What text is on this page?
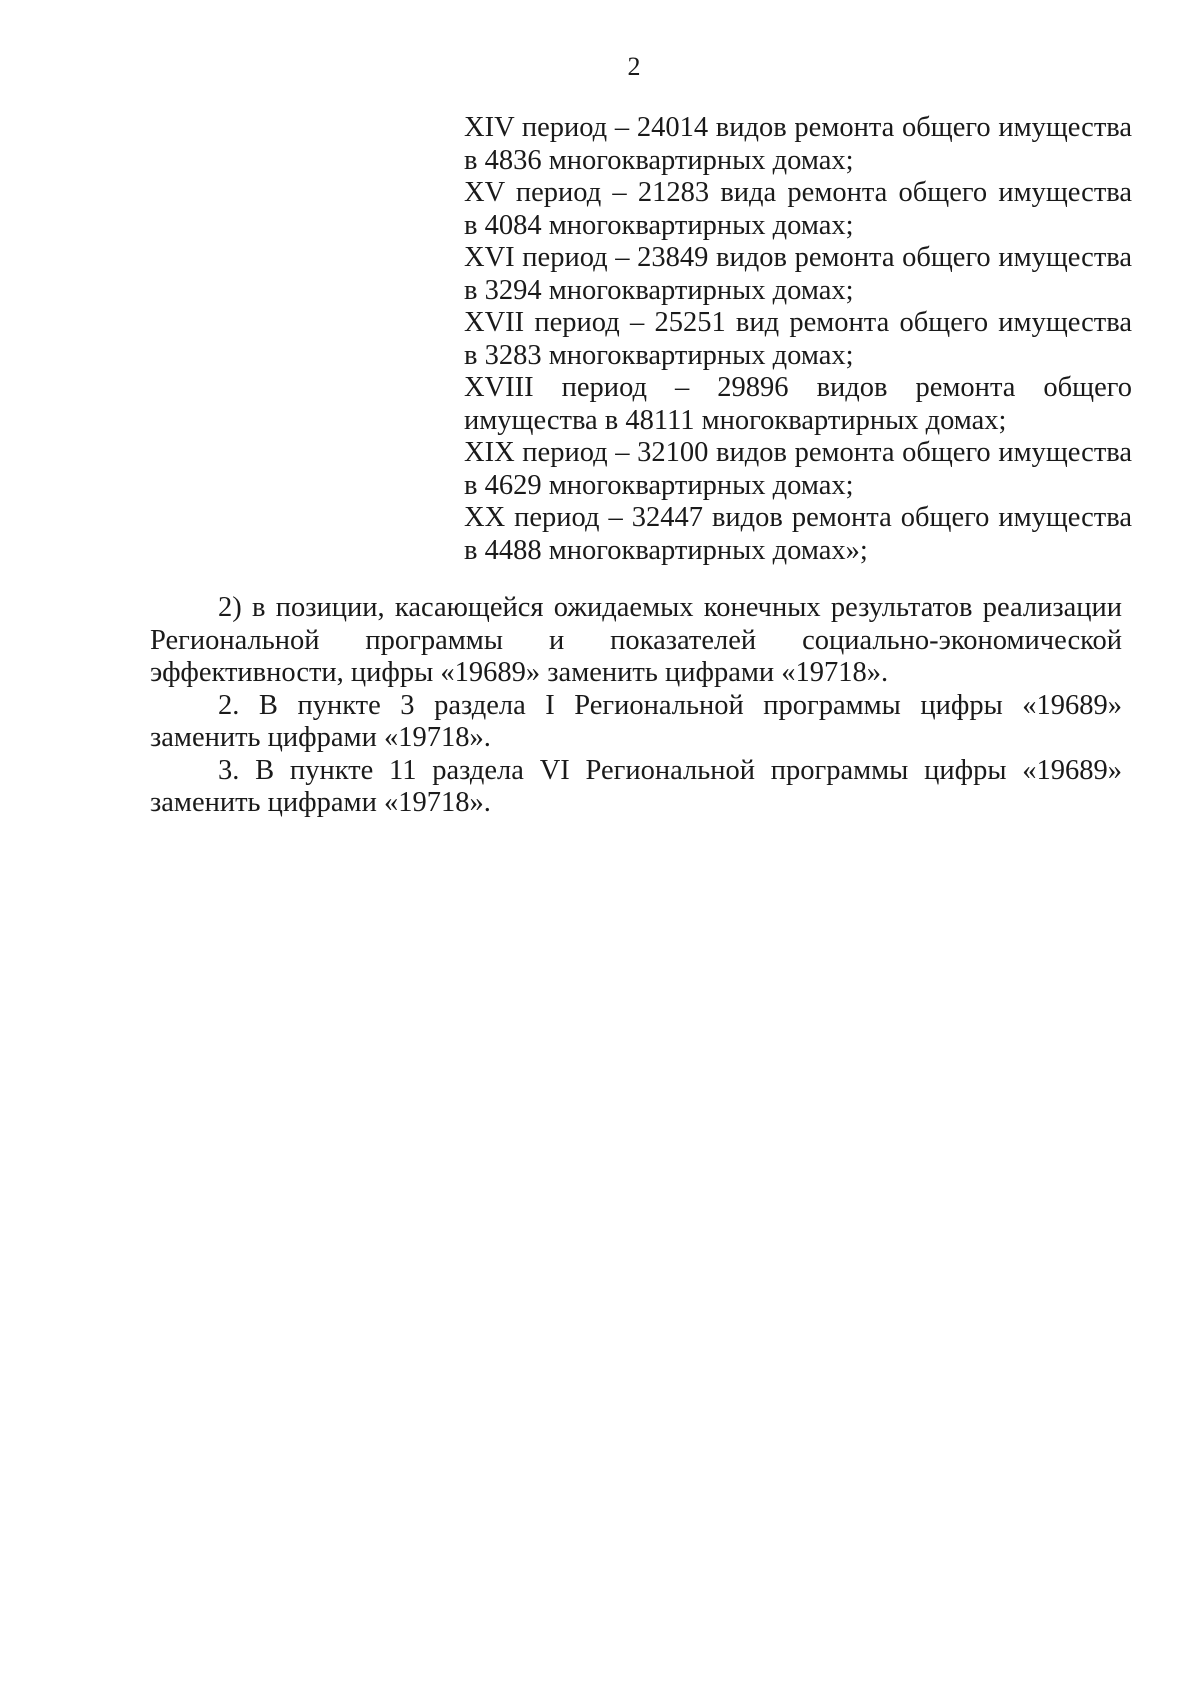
2

XIV период – 24014 видов ремонта общего имущества
в 4836 многоквартирных домах;

XV период – 21283 вида ремонта общего имущества
в 4084 многоквартирных домах;

XVI период – 23849 видов ремонта общего имущества
в 3294 многоквартирных домах;

XVII период – 25251 вид ремонта общего имущества
в 3283 многоквартирных домах;

XVIII период – 29896 видов ремонта общего
имущества в 48111 многоквартирных домах;

XIX период – 32100 видов ремонта общего имущества
в 4629 многоквартирных домах;

XX период – 32447 видов ремонта общего имущества
в 4488 многоквартирных домах»;

2) в позиции, касающейся ожидаемых конечных результатов реализации Региональной программы и показателей социально-экономической эффективности, цифры «19689» заменить цифрами «19718».

2. В пункте 3 раздела I Региональной программы цифры «19689» заменить цифрами «19718».

3. В пункте 11 раздела VI Региональной программы цифры «19689» заменить цифрами «19718».
